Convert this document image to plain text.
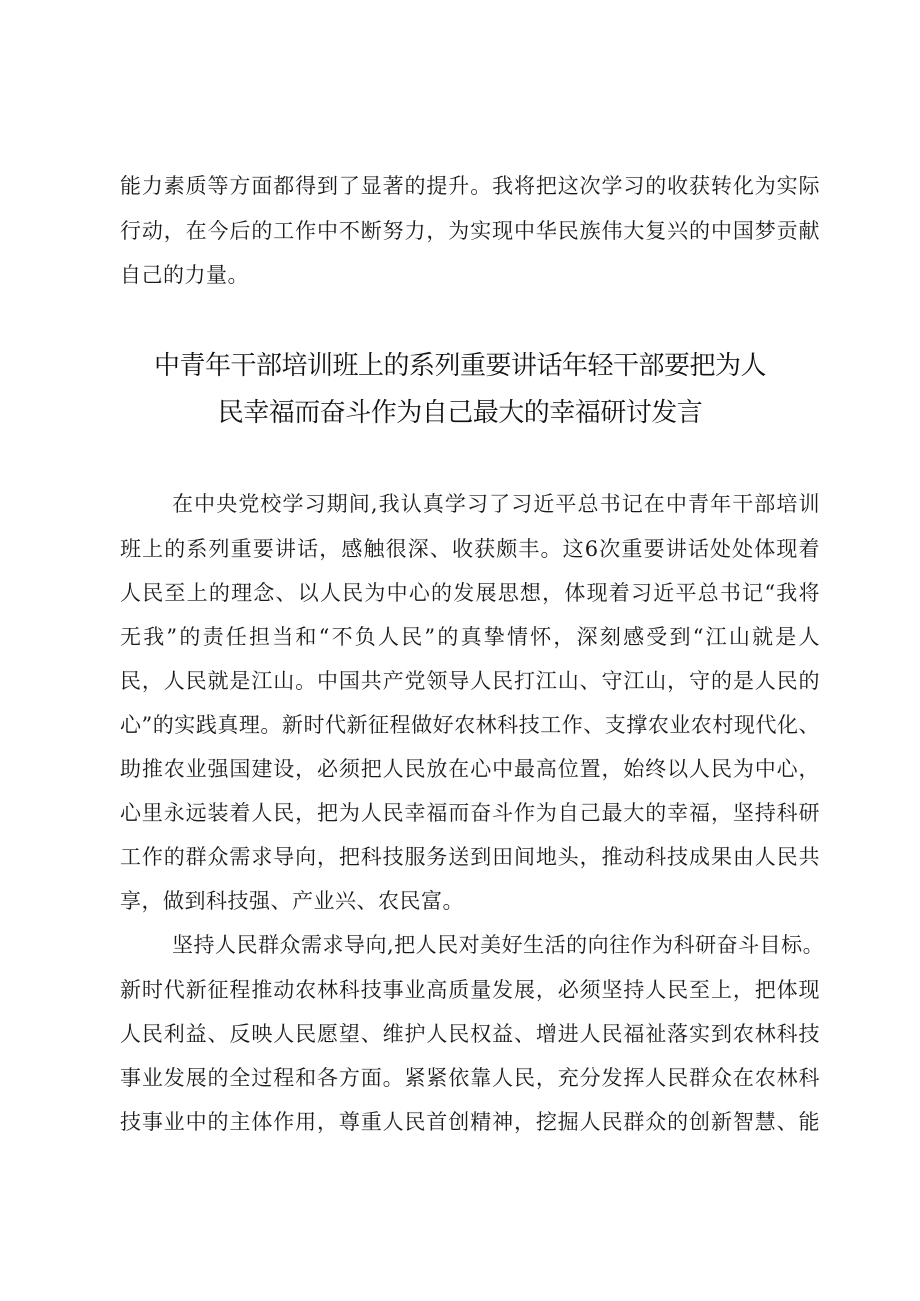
能力素质等方面都得到了显著的提升。我将把这次学习的收获转化为实际
行动，在今后的工作中不断努力，为实现中华民族伟大复兴的中国梦贡献
自己的力量。
中青年干部培训班上的系列重要讲话年轻干部要把为人
民幸福而奋斗作为自己最大的幸福研讨发言
在中央党校学习期间,我认真学习了习近平总书记在中青年干部培训
班上的系列重要讲话，感触很深、收获颇丰。这6次重要讲话处处体现着
人民至上的理念、以人民为中心的发展思想，体现着习近平总书记“我将
无我”的责任担当和“不负人民”的真挚情怀，深刻感受到“江山就是人
民，人民就是江山。中国共产党领导人民打江山、守江山，守的是人民的
心”的实践真理。新时代新征程做好农林科技工作、支撑农业农村现代化、
助推农业强国建设，必须把人民放在心中最高位置，始终以人民为中心，
心里永远装着人民，把为人民幸福而奋斗作为自己最大的幸福，坚持科研
工作的群众需求导向，把科技服务送到田间地头，推动科技成果由人民共
享，做到科技强、产业兴、农民富。
坚持人民群众需求导向,把人民对美好生活的向往作为科研奋斗目标。
新时代新征程推动农林科技事业高质量发展，必须坚持人民至上，把体现
人民利益、反映人民愿望、维护人民权益、增进人民福祉落实到农林科技
事业发展的全过程和各方面。紧紧依靠人民，充分发挥人民群众在农林科
技事业中的主体作用，尊重人民首创精神，挖掘人民群众的创新智慧、能
